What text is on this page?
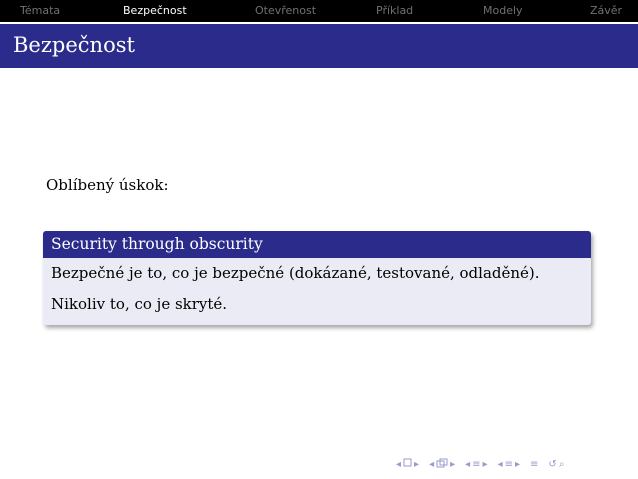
Témata	Bezpečnost	Otevřenost	Příklad	Modely	Závěr
Bezpečnost
Oblíbený úskok:
Security through obscurity

Bezpečné je to, co je bezpečné (dokázané, testované, odladěné).

Nikoliv to, co je skryté.

◂ ▸ ◂ ▸ ◂ ≡ ▸ ◂ ≡ ▸ ≡ ↺ ⌕
